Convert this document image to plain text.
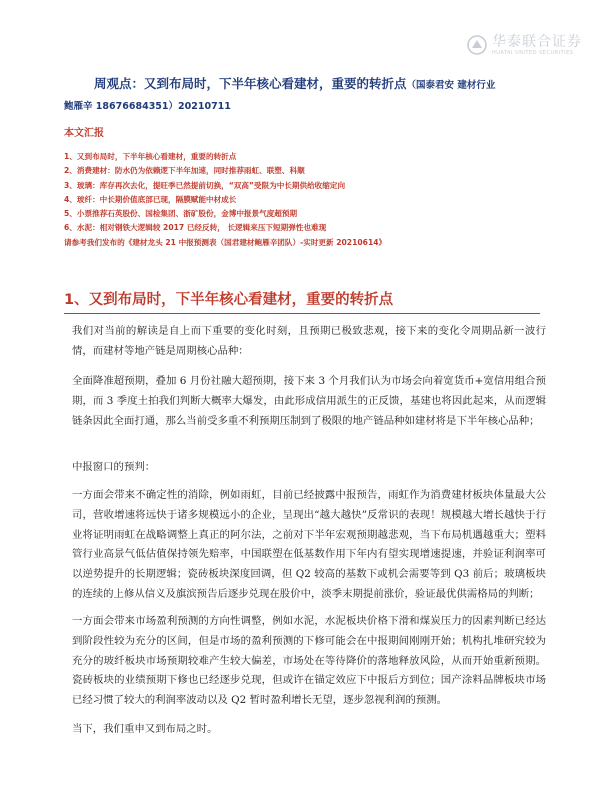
华泰联合证券
HUATAI UNITED SECURITIES
周观点：又到布局时，下半年核心看建材，重要的转折点（国泰君安 建材行业
鲍雁辛 18676684351）20210711
本文汇报
1、又到布局时，下半年核心看建材，重要的转折点
2、消费建材：防水仍为依赖逻下半年加速，同时推荐雨虹、联塑、科顺
3、玻璃：库存再次去化，提旺季已然提前切换，“双高”受限为中长期供给收缩定向
4、玻纤：中长期价值底部已现，隔膜赋能中材成长
5、小票推荐石英股份、国检集团、浙矿股份，金博中报景气度超预期
6、水泥：相对钢铁大逻辑较 2017 已经反转， 长逻辑来压下短期弹性也难现
请参考我们发布的《建材龙头 21 中报预测表（国君建材鲍雁辛团队）-实时更新 20210614》
1、又到布局时，下半年核心看建材，重要的转折点

我们对当前的解读是自上而下重要的变化时刻，且预期已极致悲观，接下来的变化令周期品新一波行情，而建材等地产链是周期核心品种：

全面降准超预期，叠加 6 月份社融大超预期，接下来 3 个月我们认为市场会向着宽货币+宽信用组合预期，而 3 季度土拍我们判断大概率大爆发，由此形成信用派生的正反馈，基建也将因此起来，从而逻辑链条因此全面打通，那么当前受多重不利预期压制到了极限的地产链品种如建材将是下半年核心品种；

中报窗口的预判：

一方面会带来不确定性的消除，例如雨虹，目前已经披露中报预告，雨虹作为消费建材板块体量最大公司，营收增速将远快于诸多规模远小的企业，呈现出“越大越快”反常识的表现！规模越大增长越快于行业将证明雨虹在战略调整上真正的阿尔法，之前对下半年宏观预期越悲观，当下布局机遇越重大；塑料管行业高景气低估值保持领先赔率，中国联塑在低基数作用下年内有望实现增速提速，并验证利润率可以逆势提升的长期逻辑；瓷砖板块深度回调，但 Q2 较高的基数下或机会需要等到 Q3 前后；玻璃板块的连续的上修从信义及旗滨预告后逐步兑现在股价中，淡季末期提前涨价，验证最优供需格局的判断；

一方面会带来市场盈利预测的方向性调整，例如水泥，水泥板块价格下滑和煤炭压力的因素判断已经达到阶段性较为充分的区间，但是市场的盈利预测的下修可能会在中报期间刚刚开始；机构扎堆研究较为充分的玻纤板块市场预期较难产生较大偏差，市场处在等待降价的落地释放风险，从而开始重新预期。瓷砖板块的业绩预期下修也已经逐步兑现，但或许在锚定效应下中报后方到位；国产涂料品牌板块市场已经习惯了较大的利润率波动以及 Q2 暂时盈利增长无望，逐步忽视利润的预测。

当下，我们重申又到布局之时。
